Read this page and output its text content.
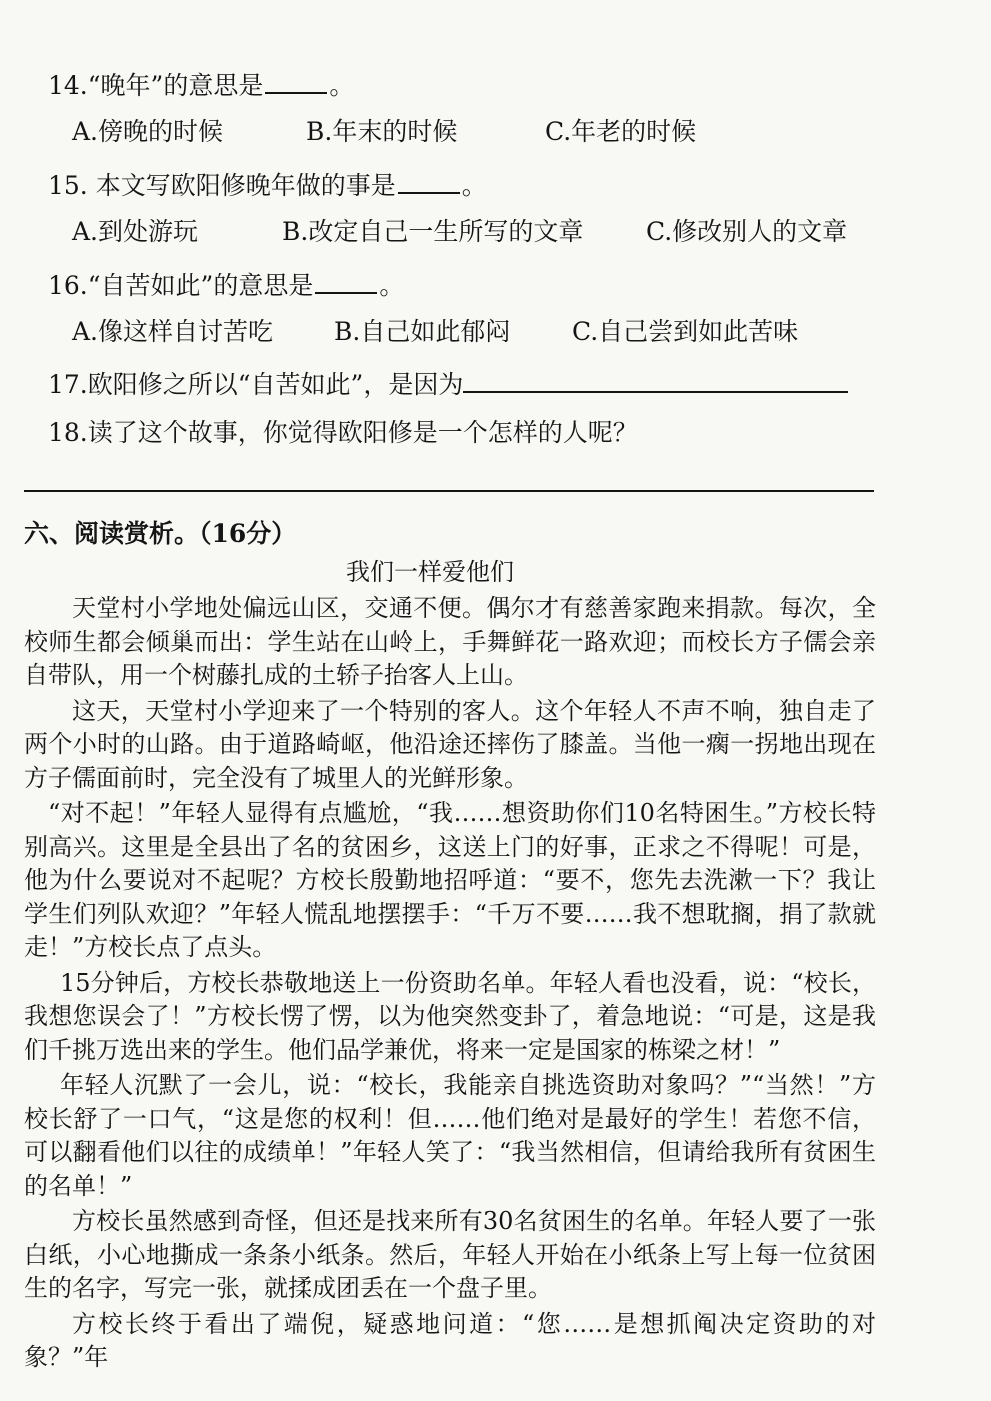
14.“晚年”的意思是	。
A.傍晚的时候	B.年末的时候	C.年老的时候
15. 本文写欧阳修晚年做的事是	。
A.到处游玩	B.改定自己一生所写的文章	C.修改别人的文章
16.“自苦如此”的意思是	。
A.像这样自讨苦吃 B.自己如此郁闷 C.自己尝到如此苦味
17.欧阳修之所以“自苦如此”，是因为
18.读了这个故事，你觉得欧阳修是一个怎样的人呢？
六、阅读赏析。（16分）
我们一样爱他们

天堂村小学地处偏远山区，交通不便。偶尔才有慈善家跑来捐款。每次，全校师生都会倾巢而出：学生站在山岭上，手舞鲜花一路欢迎；而校长方子儒会亲自带队，用一个树藤扎成的土轿子抬客人上山。

这天，天堂村小学迎来了一个特别的客人。这个年轻人不声不响，独自走了两个小时的山路。由于道路崎岖，他沿途还摔伤了膝盖。当他一瘸一拐地出现在方子儒面前时，完全没有了城里人的光鲜形象。

“对不起！”年轻人显得有点尴尬，“我……想资助你们10名特困生。”方校长特别高兴。这里是全县出了名的贫困乡，这送上门的好事，正求之不得呢！可是，他为什么要说对不起呢？方校长殷勤地招呼道：“要不，您先去洗漱一下？我让学生们列队欢迎？”年轻人慌乱地摆摆手：“千万不要……我不想耽搁，捐了款就走！”方校长点了点头。

15分钟后，方校长恭敬地送上一份资助名单。年轻人看也没看，说：“校长，我想您误会了！”方校长愣了愣，以为他突然变卦了，着急地说：“可是，这是我们千挑万选出来的学生。他们品学兼优，将来一定是国家的栋梁之材！”

年轻人沉默了一会儿，说：“校长，我能亲自挑选资助对象吗？”“当然！”方校长舒了一口气，“这是您的权利！但……他们绝对是最好的学生！若您不信，可以翻看他们以往的成绩单！”年轻人笑了：“我当然相信，但请给我所有贫困生的名单！”

方校长虽然感到奇怪，但还是找来所有30名贫困生的名单。年轻人要了一张白纸，小心地撕成一条条小纸条。然后，年轻人开始在小纸条上写上每一位贫困生的名字，写完一张，就揉成团丢在一个盘子里。

方校长终于看出了端倪，疑惑地问道：“您……是想抓阄决定资助的对象？”年
